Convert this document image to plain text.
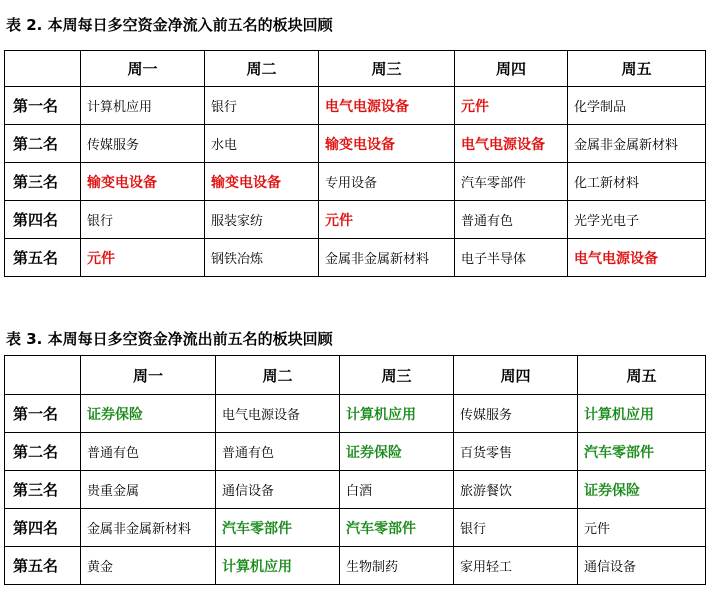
表 2. 本周每日多空资金净流入前五名的板块回顾
	周一	周二	周三	周四	周五
第一名	计算机应用	银行	电气电源设备	元件	化学制品
第二名	传媒服务	水电	输变电设备	电气电源设备	金属非金属新材料
第三名	输变电设备	输变电设备	专用设备	汽车零部件	化工新材料
第四名	银行	服装家纺	元件	普通有色	光学光电子
第五名	元件	钢铁冶炼	金属非金属新材料	电子半导体	电气电源设备
表 3. 本周每日多空资金净流出前五名的板块回顾
	周一	周二	周三	周四	周五
第一名	证券保险	电气电源设备	计算机应用	传媒服务	计算机应用
第二名	普通有色	普通有色	证券保险	百货零售	汽车零部件
第三名	贵重金属	通信设备	白酒	旅游餐饮	证券保险
第四名	金属非金属新材料	汽车零部件	汽车零部件	银行	元件
第五名	黄金	计算机应用	生物制药	家用轻工	通信设备
